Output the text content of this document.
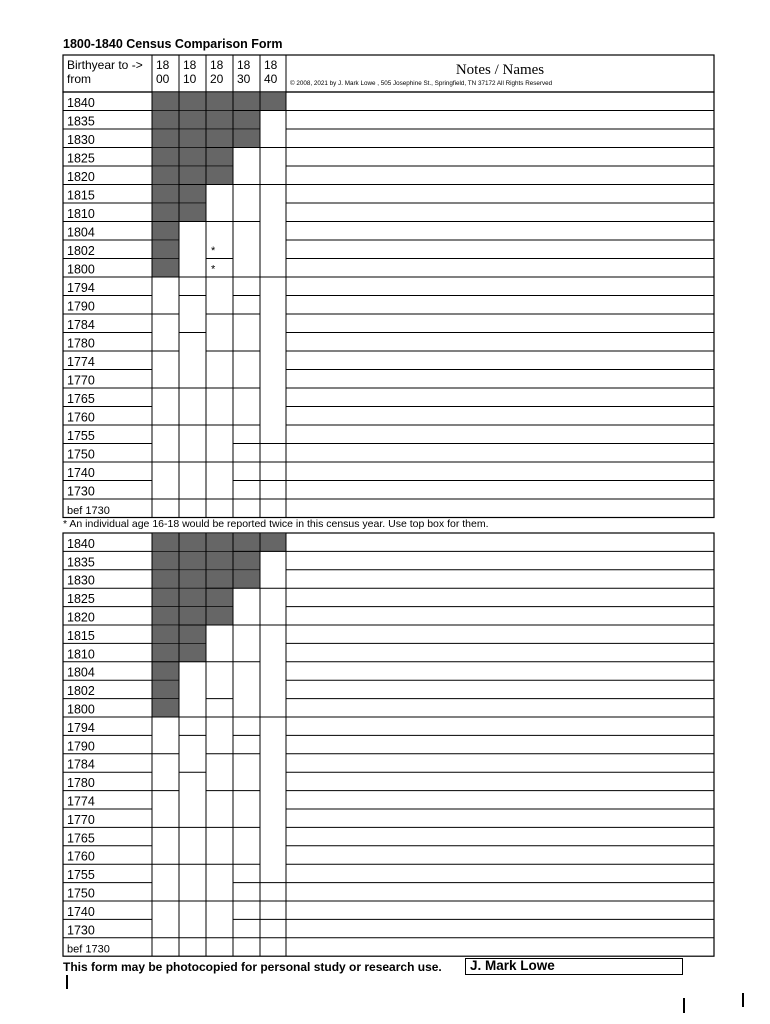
1800-1840 Census Comparison Form
Birthyear to ->
from
18
00
18
10
18
20
18
30
18
40
Notes / Names
© 2008, 2021 by J. Mark Lowe , 505 Josephine St., Springfield, TN 37172 All Rights Reserved
1840
1835
1830
1825
1820
1815
1810
1804
1802
1800
1794
1790
1784
1780
1774
1770
1765
1760
1755
1750
1740
1730
bef 1730
*
*
1840
1835
1830
1825
1820
1815
1810
1804
1802
1800
1794
1790
1784
1780
1774
1770
1765
1760
1755
1750
1740
1730
bef 1730
* An individual age 16-18 would be reported twice in this census year. Use top box for them.
This form may be photocopied for personal study or research use. J. Mark Lowe
